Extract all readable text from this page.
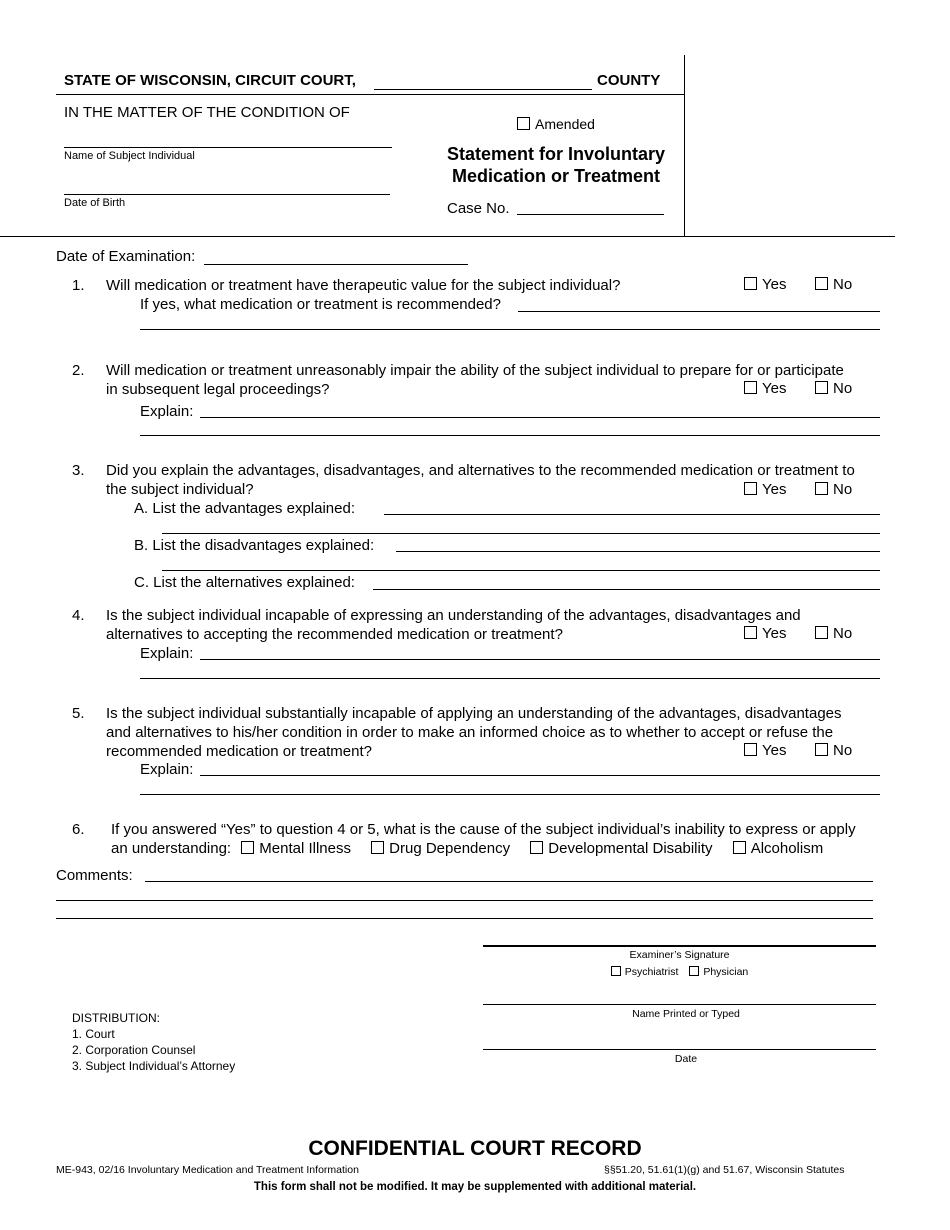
STATE OF WISCONSIN, CIRCUIT COURT,	COUNTY
IN THE MATTER OF THE CONDITION OF
Name of Subject Individual
Date of Birth
Amended
Statement for Involuntary
Medication or Treatment
Case No.
Date of Examination:
1. Will medication or treatment have therapeutic value for the subject individual?	Yes	No
If yes, what medication or treatment is recommended?
2. Will medication or treatment unreasonably impair the ability of the subject individual to prepare for or participate
in subsequent legal proceedings?	Yes	No
Explain:
3. Did you explain the advantages, disadvantages, and alternatives to the recommended medication or treatment to
the subject individual?	Yes	No
A. List the advantages explained:
B. List the disadvantages explained:
C. List the alternatives explained:
4. Is the subject individual incapable of expressing an understanding of the advantages, disadvantages and
alternatives to accepting the recommended medication or treatment?	Yes	No
Explain:
5. Is the subject individual substantially incapable of applying an understanding of the advantages, disadvantages
and alternatives to his/her condition in order to make an informed choice as to whether to accept or refuse the
recommended medication or treatment?	Yes	No
Explain:
6. If you answered “Yes” to question 4 or 5, what is the cause of the subject individual’s inability to express or apply
an understanding: Mental Illness	Drug Dependency	Developmental Disability	Alcoholism
Comments:
Examiner’s Signature
Psychiatrist Physician
Name Printed or Typed
Date
DISTRIBUTION:
1. Court
2. Corporation Counsel
3. Subject Individual’s Attorney
CONFIDENTIAL COURT RECORD
ME-943, 02/16 Involuntary Medication and Treatment Information	§§51.20, 51.61(1)(g) and 51.67, Wisconsin Statutes
This form shall not be modified. It may be supplemented with additional material.
